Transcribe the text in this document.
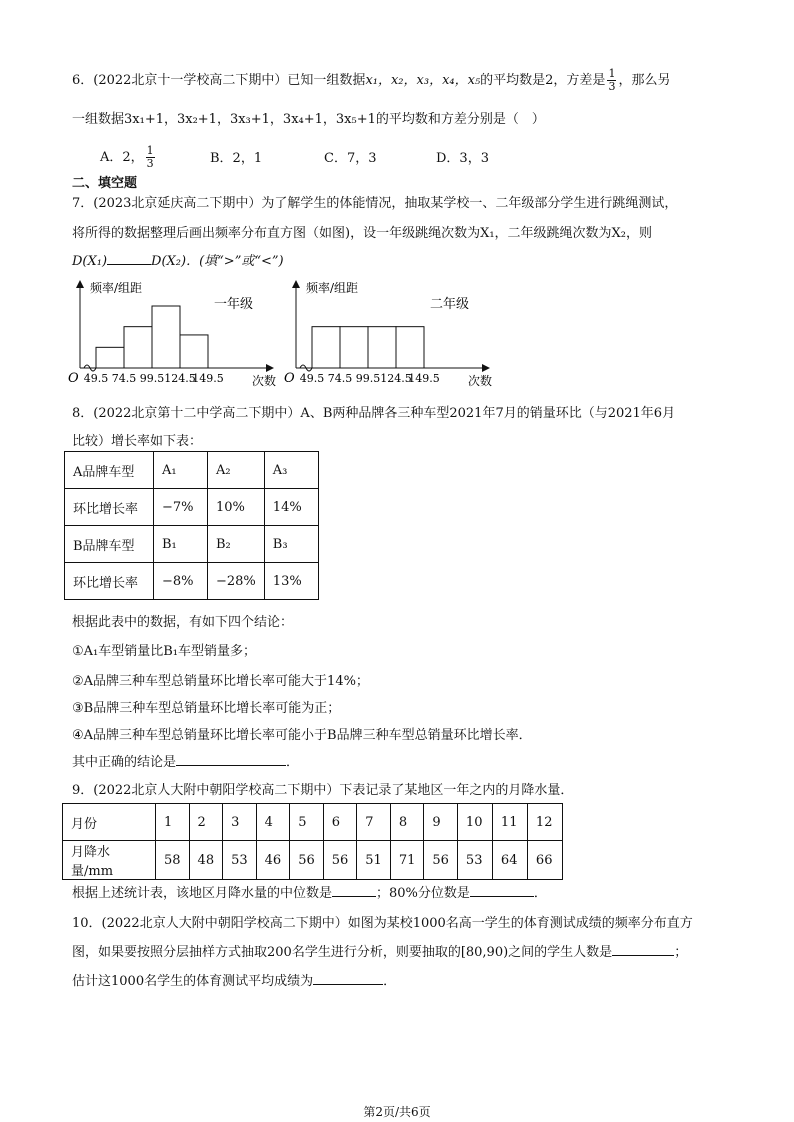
6．(2022北京十一学校高二下期中）已知一组数据x₁，x₂，x₃，x₄，x₅的平均数是2，方差是 $\frac{1}{3}$ ，那么另
一组数据3x₁+1，3x₂+1，3x₃+1，3x₄+1，3x₅+1的平均数和方差分别是（　）
A．2， $\frac{1}{3}$	B．2，1	C．7，3	D．3，3
二、填空题
7．(2023北京延庆高二下期中）为了解学生的体能情况，抽取某学校一、二年级部分学生进行跳绳测试，
将所得的数据整理后画出频率分布直方图（如图)，设一年级跳绳次数为X₁，二年级跳绳次数为X₂，则
D(X₁)	D(X₂)．(填“>”或“<”)
O
频率/组距
一年级
次数
49.5 74.5 99.5 124.5
149.5	O
频率/组距
二年级
次数
49.5 74.5 99.5 124.5
149.5
8．(2022北京第十二中学高二下期中）A、B两种品牌各三种车型2021年7月的销量环比（与2021年6月
比较）增长率如下表：
A品牌车型	A₁	A₂	A₃
环比增长率	−7%	10%	14%
B品牌车型	B₁	B₂	B₃
环比增长率	−8%	−28%	13%
根据此表中的数据，有如下四个结论：
①A₁车型销量比B₁车型销量多；
②A品牌三种车型总销量环比增长率可能大于14%；
③B品牌三种车型总销量环比增长率可能为正；
④A品牌三种车型总销量环比增长率可能小于B品牌三种车型总销量环比增长率．
其中正确的结论是	．
9．(2022北京人大附中朝阳学校高二下期中）下表记录了某地区一年之内的月降水量．
月份	1	2	3	4	5	6	7	8	9	10	11	12
月降水量/mm	58	48	53	46	56	56	51	71	56	53	64	66
根据上述统计表，该地区月降水量的中位数是	；80%分位数是	．
10．(2022北京人大附中朝阳学校高二下期中）如图为某校1000名高一学生的体育测试成绩的频率分布直方
图，如果要按照分层抽样方式抽取200名学生进行分析，则要抽取的[80,90)之间的学生人数是	；
估计这1000名学生的体育测试平均成绩为	．
第2页/共6页
